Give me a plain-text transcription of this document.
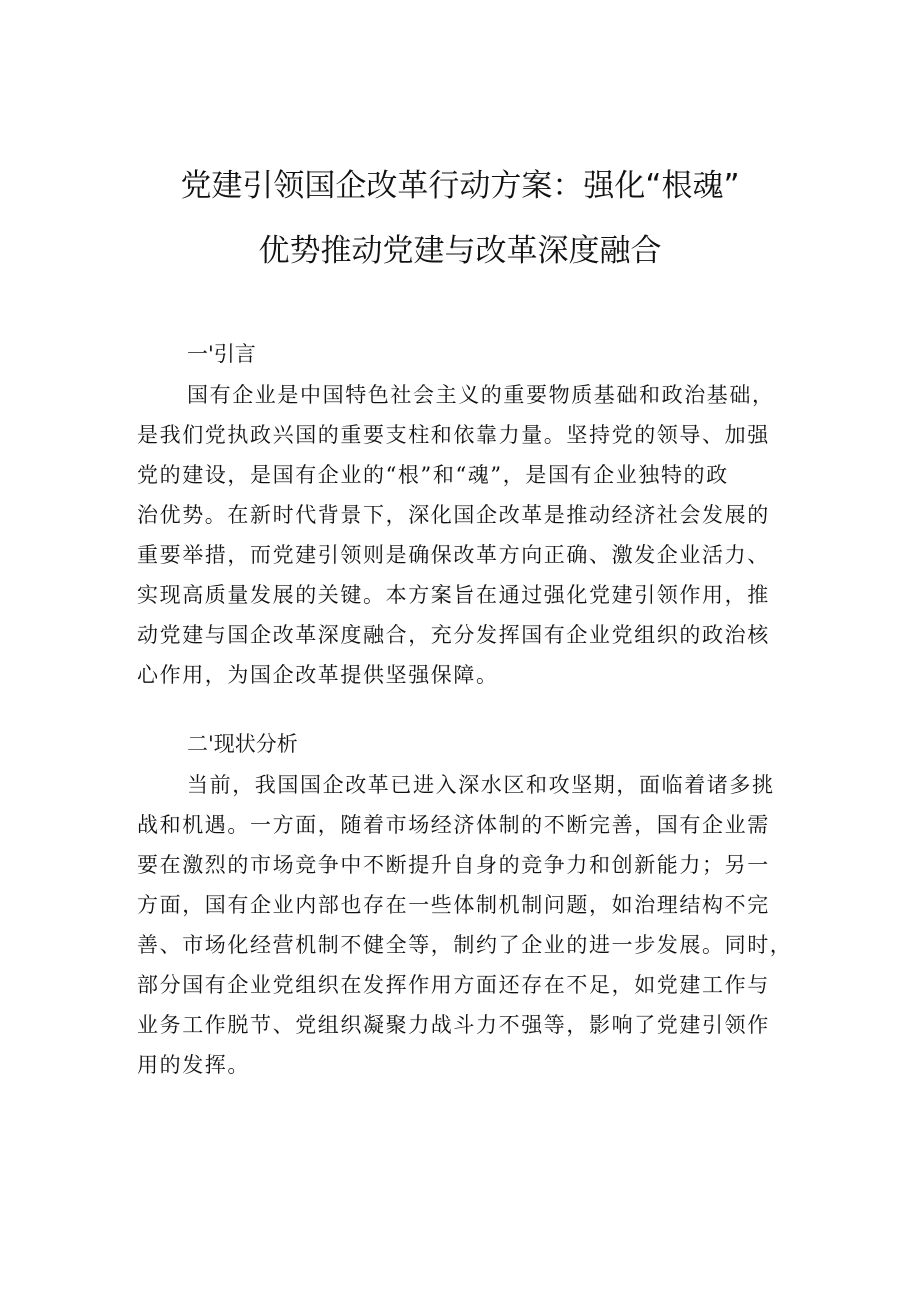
党建引领国企改革行动方案：强化“根魂”
优势推动党建与改革深度融合
一'引言
国有企业是中国特色社会主义的重要物质基础和政治基础，
是我们党执政兴国的重要支柱和依靠力量。坚持党的领导、加强
党的建设，是国有企业的“根”和“魂”，是国有企业独特的政
治优势。在新时代背景下，深化国企改革是推动经济社会发展的
重要举措，而党建引领则是确保改革方向正确、激发企业活力、
实现高质量发展的关键。本方案旨在通过强化党建引领作用，推
动党建与国企改革深度融合，充分发挥国有企业党组织的政治核
心作用，为国企改革提供坚强保障。
二'现状分析
当前，我国国企改革已进入深水区和攻坚期，面临着诸多挑
战和机遇。一方面，随着市场经济体制的不断完善，国有企业需
要在激烈的市场竞争中不断提升自身的竞争力和创新能力；另一
方面，国有企业内部也存在一些体制机制问题，如治理结构不完
善、市场化经营机制不健全等，制约了企业的进一步发展。同时，
部分国有企业党组织在发挥作用方面还存在不足，如党建工作与
业务工作脱节、党组织凝聚力战斗力不强等，影响了党建引领作
用的发挥。
